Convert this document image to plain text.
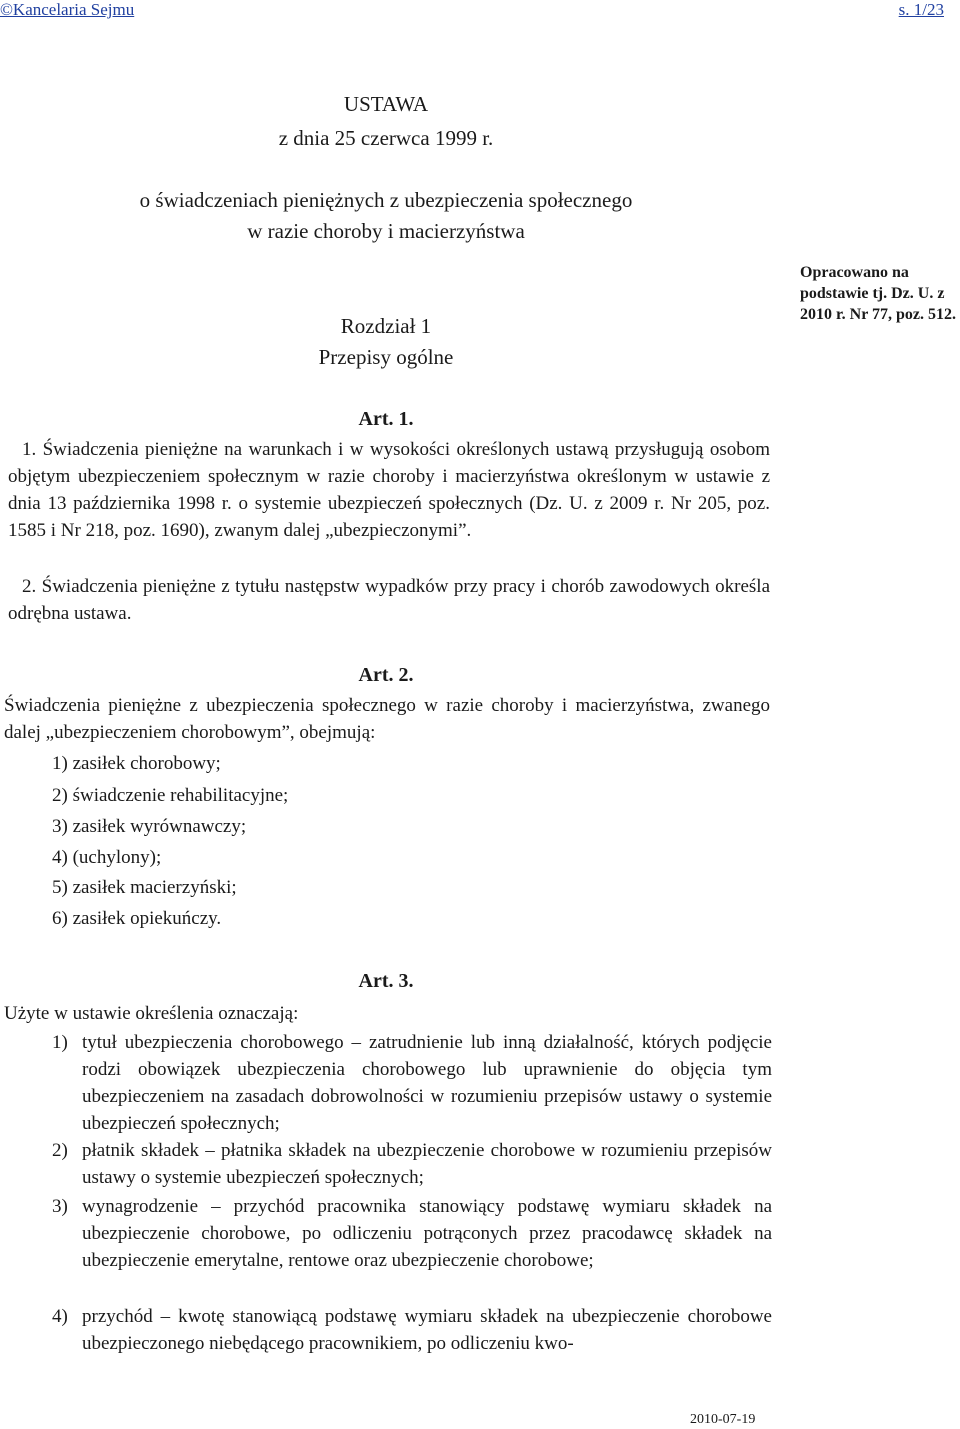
©Kancelaria Sejmu	s. 1/23
USTAWA
z dnia 25 czerwca 1999 r.
o świadczeniach pieniężnych z ubezpieczenia społecznego
w razie choroby i macierzyństwa
Opracowano na podstawie tj. Dz. U. z 2010 r. Nr 77, poz. 512.
Rozdział 1
Przepisy ogólne
Art. 1.
1. Świadczenia pieniężne na warunkach i w wysokości określonych ustawą przysługują osobom objętym ubezpieczeniem społecznym w razie choroby i macierzyństwa określonym w ustawie z dnia 13 października 1998 r. o systemie ubezpieczeń społecznych (Dz. U. z 2009 r. Nr 205, poz. 1585 i Nr 218, poz. 1690), zwanym dalej „ubezpieczonymi”.
2. Świadczenia pieniężne z tytułu następstw wypadków przy pracy i chorób zawodowych określa odrębna ustawa.
Art. 2.
Świadczenia pieniężne z ubezpieczenia społecznego w razie choroby i macierzyństwa, zwanego dalej „ubezpieczeniem chorobowym”, obejmują:
1) zasiłek chorobowy;
2) świadczenie rehabilitacyjne;
3) zasiłek wyrównawczy;
4) (uchylony);
5) zasiłek macierzyński;
6) zasiłek opiekuńczy.
Art. 3.
Użyte w ustawie określenia oznaczają:
1) tytuł ubezpieczenia chorobowego – zatrudnienie lub inną działalność, których podjęcie rodzi obowiązek ubezpieczenia chorobowego lub uprawnienie do objęcia tym ubezpieczeniem na zasadach dobrowolności w rozumieniu przepisów ustawy o systemie ubezpieczeń społecznych;
2) płatnik składek – płatnika składek na ubezpieczenie chorobowe w rozumieniu przepisów ustawy o systemie ubezpieczeń społecznych;
3) wynagrodzenie – przychód pracownika stanowiący podstawę wymiaru składek na ubezpieczenie chorobowe, po odliczeniu potrąconych przez pracodawcę składek na ubezpieczenie emerytalne, rentowe oraz ubezpieczenie chorobowe;
4) przychód – kwotę stanowiącą podstawę wymiaru składek na ubezpieczenie chorobowe ubezpieczonego niebędącego pracownikiem, po odliczeniu kwo-
2010-07-19
